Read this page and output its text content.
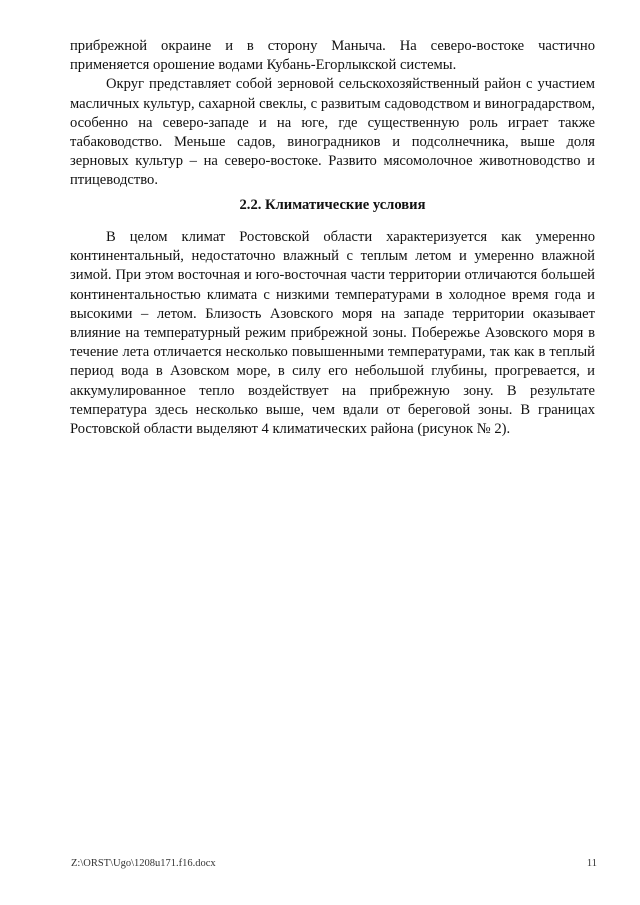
прибрежной окраине и в сторону Маныча. На северо-востоке частично применяется орошение водами Кубань-Егорлыкской системы.

Округ представляет собой зерновой сельскохозяйственный район с участием масличных культур, сахарной свеклы, с развитым садоводством и виноградарством, особенно на северо-западе и на юге, где существенную роль играет также табаководство. Меньше садов, виноградников и подсолнечника, выше доля зерновых культур – на северо-востоке. Развито мясомолочное животноводство и птицеводство.

2.2. Климатические условия

В целом климат Ростовской области характеризуется как умеренно континентальный, недостаточно влажный с теплым летом и умеренно влажной зимой. При этом восточная и юго-восточная части территории отличаются большей континентальностью климата с низкими температурами в холодное время года и высокими – летом. Близость Азовского моря на западе территории оказывает влияние на температурный режим прибрежной зоны. Побережье Азовского моря в течение лета отличается несколько повышенными температурами, так как в теплый период вода в Азовском море, в силу его небольшой глубины, прогревается, и аккумулированное тепло воздействует на прибрежную зону. В результате температура здесь несколько выше, чем вдали от береговой зоны. В границах Ростовской области выделяют 4 климатических района (рисунок № 2).

Z:\ORST\Ugo\1208u171.f16.docx	11
